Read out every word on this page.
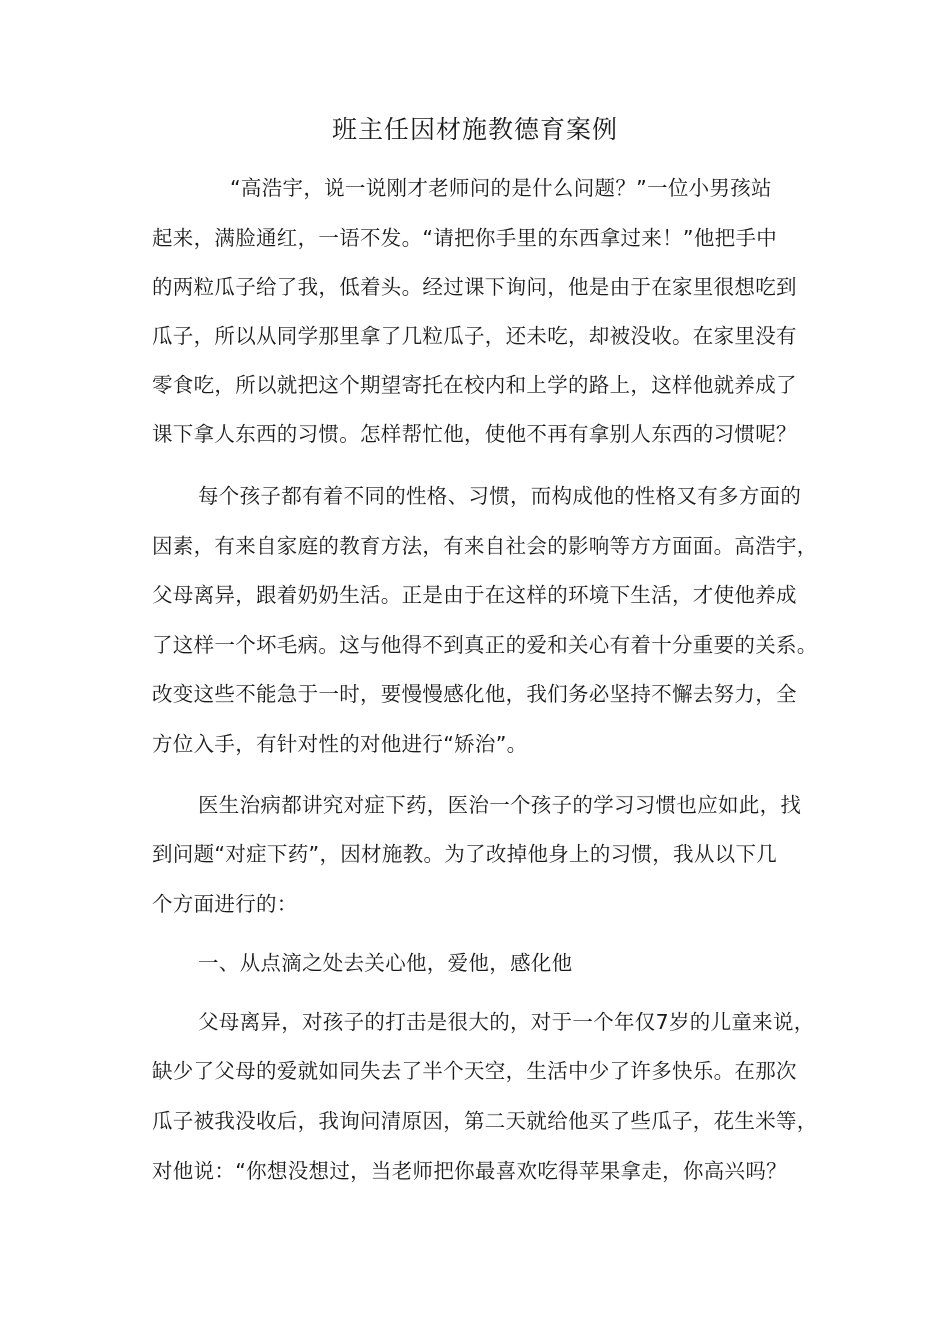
班主任因材施教德育案例
“高浩宇，说一说刚才老师问的是什么问题？”一位小男孩站
起来，满脸通红，一语不发。“请把你手里的东西拿过来！”他把手中
的两粒瓜子给了我，低着头。经过课下询问，他是由于在家里很想吃到
瓜子，所以从同学那里拿了几粒瓜子，还未吃，却被没收。在家里没有
零食吃，所以就把这个期望寄托在校内和上学的路上，这样他就养成了
课下拿人东西的习惯。怎样帮忙他，使他不再有拿别人东西的习惯呢？
每个孩子都有着不同的性格、习惯，而构成他的性格又有多方面的
因素，有来自家庭的教育方法，有来自社会的影响等方方面面。高浩宇，
父母离异，跟着奶奶生活。正是由于在这样的环境下生活，才使他养成
了这样一个坏毛病。这与他得不到真正的爱和关心有着十分重要的关系。
改变这些不能急于一时，要慢慢感化他，我们务必坚持不懈去努力，全
方位入手，有针对性的对他进行“矫治”。
医生治病都讲究对症下药，医治一个孩子的学习习惯也应如此，找
到问题“对症下药”，因材施教。为了改掉他身上的习惯，我从以下几
个方面进行的：
一、从点滴之处去关心他，爱他，感化他
父母离异，对孩子的打击是很大的，对于一个年仅7岁的儿童来说，
缺少了父母的爱就如同失去了半个天空，生活中少了许多快乐。在那次
瓜子被我没收后，我询问清原因，第二天就给他买了些瓜子，花生米等，
对他说：“你想没想过，当老师把你最喜欢吃得苹果拿走，你高兴吗？
